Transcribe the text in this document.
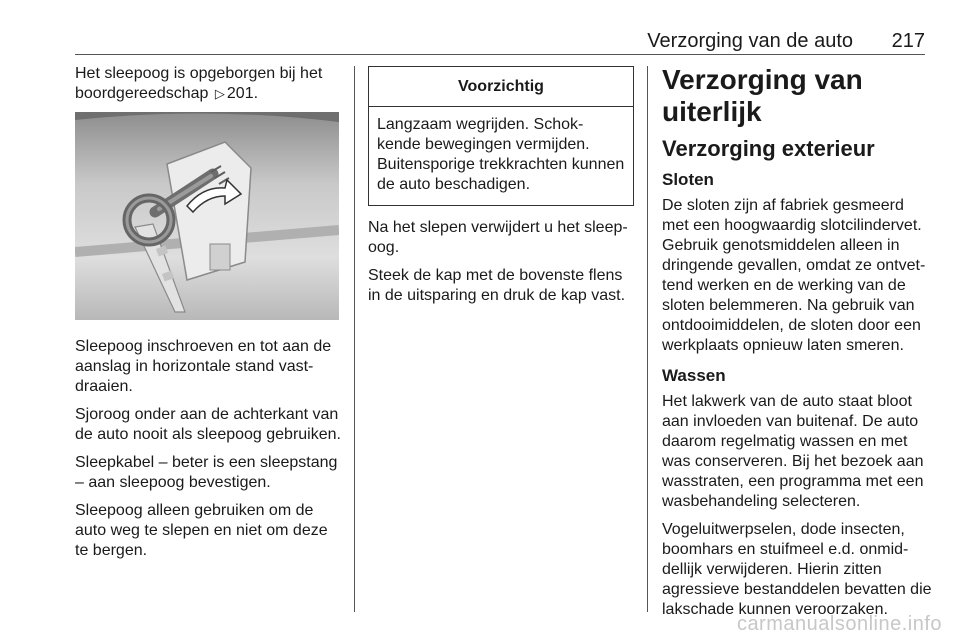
Verzorging van de auto 217

Het sleepoog is opgeborgen bij het boordgereedschap ▷ 201.

Sleepoog inschroeven en tot aan de aanslag in horizontale stand vast-draaien.

Sjoroog onder aan de achterkant van de auto nooit als sleepoog gebruiken.

Sleepkabel – beter is een sleepstang – aan sleepoog bevestigen.

Sleepoog alleen gebruiken om de auto weg te slepen en niet om deze te bergen.

Voorzichtig
Langzaam wegrijden. Schok-kende bewegingen vermijden. Buitensporige trekkrachten kunnen de auto beschadigen.

Na het slepen verwijdert u het sleep-oog.

Steek de kap met de bovenste flens in de uitsparing en druk de kap vast.

Verzorging van uiterlijk
Verzorging exterieur
Sloten

De sloten zijn af fabriek gesmeerd met een hoogwaardig slotcilindervet. Gebruik genotsmiddelen alleen in dringende gevallen, omdat ze ontvet-tend werken en de werking van de sloten belemmeren. Na gebruik van ontdooimiddelen, de sloten door een werkplaats opnieuw laten smeren.

Wassen

Het lakwerk van de auto staat bloot aan invloeden van buitenaf. De auto daarom regelmatig wassen en met was conserveren. Bij het bezoek aan wasstraten, een programma met een wasbehandeling selecteren.

Vogeluitwerpselen, dode insecten, boomhars en stuifmeel e.d. onmid-dellijk verwijderen. Hierin zitten agressieve bestanddelen bevatten die lakschade kunnen veroorzaken.

carmanualsonline.info
